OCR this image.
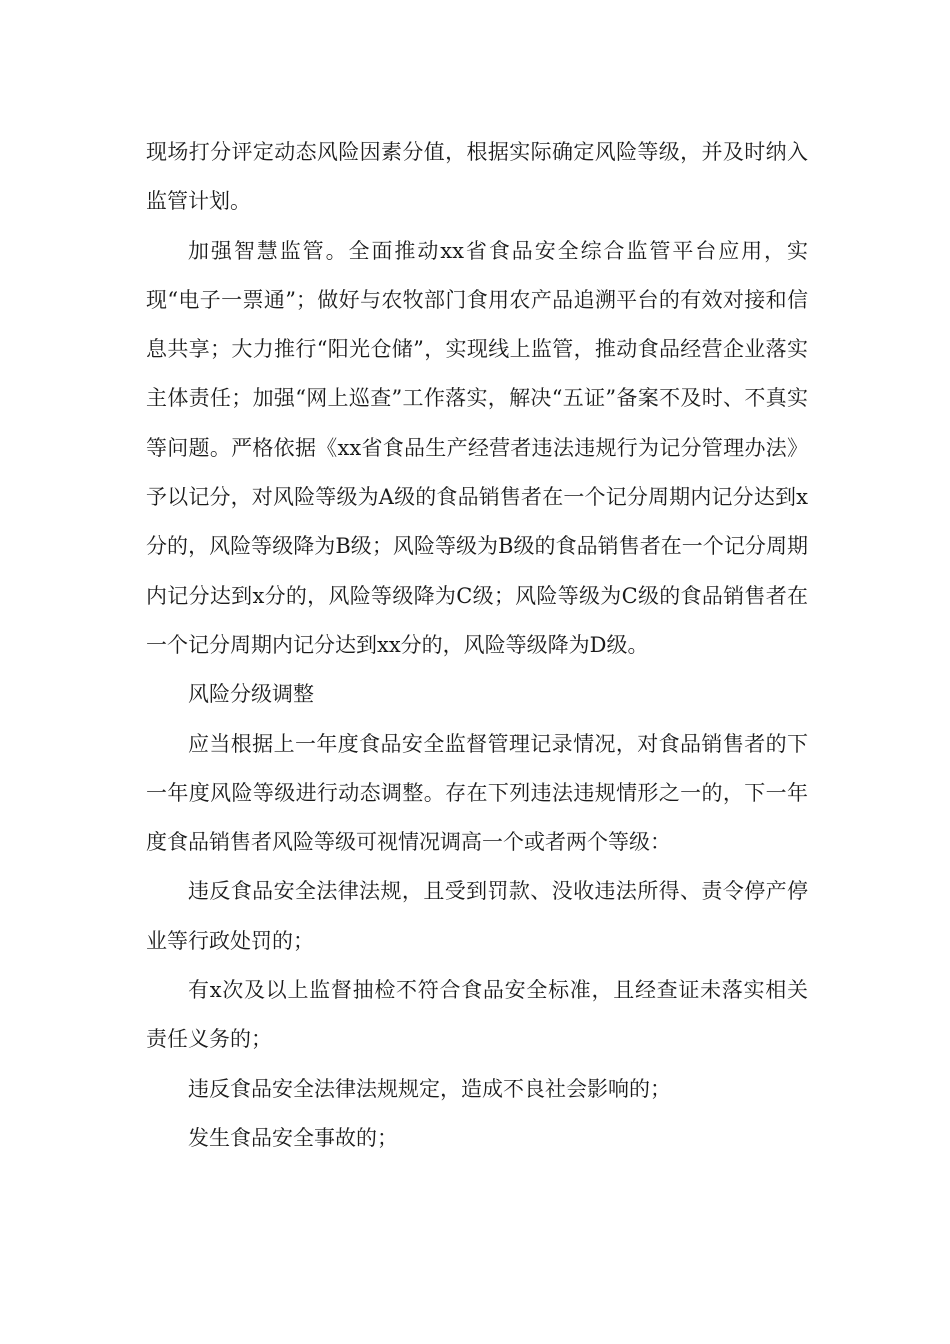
现场打分评定动态风险因素分值，根据实际确定风险等级，并及时纳入监管计划。

加强智慧监管。全面推动xx省食品安全综合监管平台应用，实现“电子一票通”；做好与农牧部门食用农产品追溯平台的有效对接和信息共享；大力推行“阳光仓储”，实现线上监管，推动食品经营企业落实主体责任；加强“网上巡查”工作落实，解决“五证”备案不及时、不真实等问题。严格依据《xx省食品生产经营者违法违规行为记分管理办法》予以记分，对风险等级为A级的食品销售者在一个记分周期内记分达到x分的，风险等级降为B级；风险等级为B级的食品销售者在一个记分周期内记分达到x分的，风险等级降为C级；风险等级为C级的食品销售者在一个记分周期内记分达到xx分的，风险等级降为D级。

风险分级调整

应当根据上一年度食品安全监督管理记录情况，对食品销售者的下一年度风险等级进行动态调整。存在下列违法违规情形之一的，下一年度食品销售者风险等级可视情况调高一个或者两个等级：

违反食品安全法律法规，且受到罚款、没收违法所得、责令停产停业等行政处罚的；

有x次及以上监督抽检不符合食品安全标准，且经查证未落实相关责任义务的；

违反食品安全法律法规规定，造成不良社会影响的；

发生食品安全事故的；
